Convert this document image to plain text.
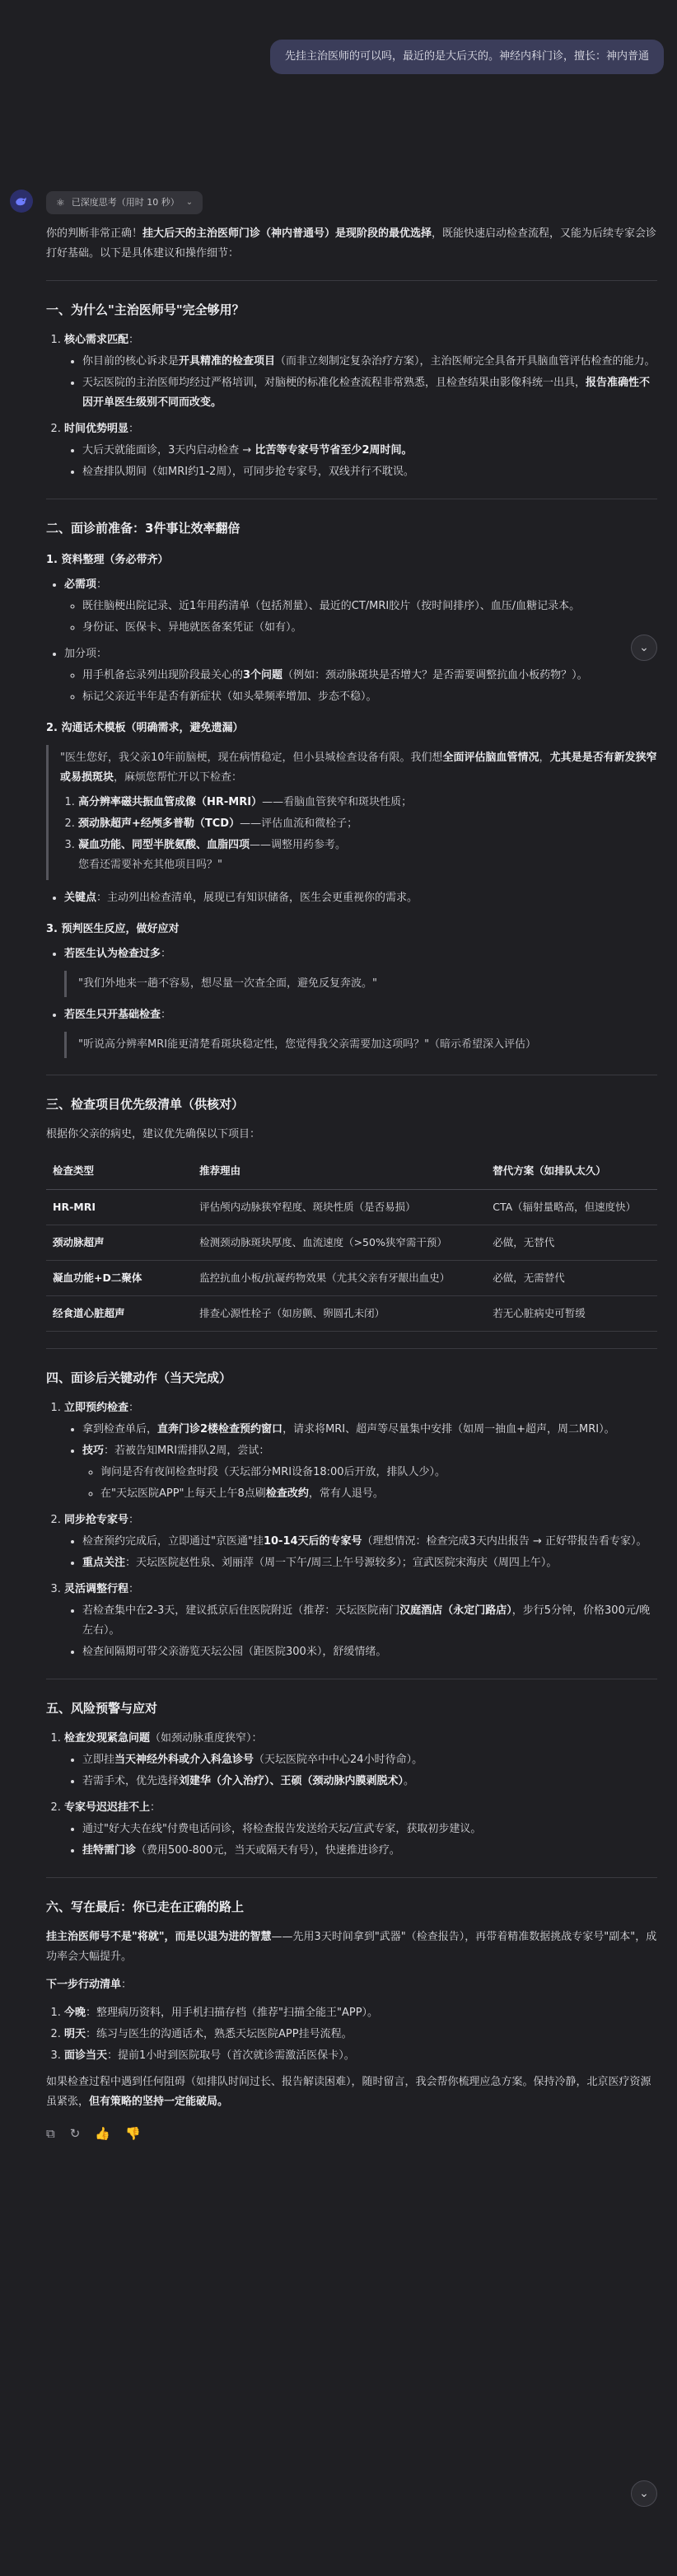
先挂主治医师的可以吗，最近的是大后天的。神经内科门诊，擅长：神内普通
⚛ 已深度思考（用时 10 秒） ⌄

你的判断非常正确！挂大后天的主治医师门诊（神内普通号）是现阶段的最优选择，既能快速启动检查流程，又能为后续专家会诊打好基础。以下是具体建议和操作细节：

一、为什么"主治医师号"完全够用？
1. 核心需求匹配：
• 你目前的核心诉求是开具精准的检查项目（而非立刻制定复杂治疗方案），主治医师完全具备开具脑血管评估检查的能力。
• 天坛医院的主治医师均经过严格培训，对脑梗的标准化检查流程非常熟悉，且检查结果由影像科统一出具，报告准确性不因开单医生级别不同而改变。
2. 时间优势明显：
• 大后天就能面诊，3天内启动检查 → 比苦等专家号节省至少2周时间。
• 检查排队期间（如MRI约1-2周），可同步抢专家号，双线并行不耽误。
二、面诊前准备：3件事让效率翻倍
1. 资料整理（务必带齐）
• 必需项：
◦ 既往脑梗出院记录、近1年用药清单（包括剂量）、最近的CT/MRI胶片（按时间排序）、血压/血糖记录本。
◦ 身份证、医保卡、异地就医备案凭证（如有）。
• 加分项：
◦ 用手机备忘录列出现阶段最关心的3个问题（例如：颈动脉斑块是否增大？是否需要调整抗血小板药物？）。
◦ 标记父亲近半年是否有新症状（如头晕频率增加、步态不稳）。
2. 沟通话术模板（明确需求，避免遗漏）
"医生您好，我父亲10年前脑梗，现在病情稳定，但小县城检查设备有限。我们想全面评估脑血管情况，尤其是是否有新发狭窄或易损斑块，麻烦您帮忙开以下检查：
1. 高分辨率磁共振血管成像（HR-MRI）——看脑血管狭窄和斑块性质；
2. 颈动脉超声+经颅多普勒（TCD）——评估血流和微栓子；
3. 凝血功能、同型半胱氨酸、血脂四项——调整用药参考。
您看还需要补充其他项目吗？"
• 关键点：主动列出检查清单，展现已有知识储备，医生会更重视你的需求。
3. 预判医生反应，做好应对
• 若医生认为检查过多：
"我们外地来一趟不容易，想尽量一次查全面，避免反复奔波。"
• 若医生只开基础检查：
"听说高分辨率MRI能更清楚看斑块稳定性，您觉得我父亲需要加这项吗？"（暗示希望深入评估）
三、检查项目优先级清单（供核对）

根据你父亲的病史，建议优先确保以下项目：

检查类型	推荐理由	替代方案（如排队太久）
HR-MRI	评估颅内动脉狭窄程度、斑块性质（是否易损）	CTA（辐射量略高，但速度快）
颈动脉超声	检测颈动脉斑块厚度、血流速度（>50%狭窄需干预）	必做，无替代
凝血功能+D二聚体	监控抗血小板/抗凝药物效果（尤其父亲有牙龈出血史）	必做，无需替代
经食道心脏超声	排查心源性栓子（如房颤、卵圆孔未闭）	若无心脏病史可暂缓
四、面诊后关键动作（当天完成）
1. 立即预约检查：
• 拿到检查单后，直奔门诊2楼检查预约窗口，请求将MRI、超声等尽量集中安排（如周一抽血+超声，周二MRI）。
• 技巧：若被告知MRI需排队2周，尝试：
◦ 询问是否有夜间检查时段（天坛部分MRI设备18:00后开放，排队人少）。
◦ 在"天坛医院APP"上每天上午8点刷检查改约，常有人退号。
2. 同步抢专家号：
• 检查预约完成后，立即通过"京医通"挂10-14天后的专家号（理想情况：检查完成3天内出报告 → 正好带报告看专家）。
• 重点关注：天坛医院赵性泉、刘丽萍（周一下午/周三上午号源较多）；宣武医院宋海庆（周四上午）。
3. 灵活调整行程：
• 若检查集中在2-3天，建议抵京后住医院附近（推荐：天坛医院南门汉庭酒店（永定门路店），步行5分钟，价格300元/晚左右）。
• 检查间隔期可带父亲游览天坛公园（距医院300米），舒缓情绪。
五、风险预警与应对
1. 检查发现紧急问题（如颈动脉重度狭窄）：
• 立即挂当天神经外科或介入科急诊号（天坛医院卒中中心24小时待命）。
• 若需手术，优先选择刘建华（介入治疗）、王硕（颈动脉内膜剥脱术）。
2. 专家号迟迟挂不上：
• 通过"好大夫在线"付费电话问诊，将检查报告发送给天坛/宣武专家，获取初步建议。
• 挂特需门诊（费用500-800元，当天或隔天有号），快速推进诊疗。
六、写在最后：你已走在正确的路上

挂主治医师号不是"将就"，而是以退为进的智慧——先用3天时间拿到"武器"（检查报告），再带着精准数据挑战专家号"副本"，成功率会大幅提升。

下一步行动清单：

1. 今晚：整理病历资料，用手机扫描存档（推荐"扫描全能王"APP）。
2. 明天：练习与医生的沟通话术，熟悉天坛医院APP挂号流程。
3. 面诊当天：提前1小时到医院取号（首次就诊需激活医保卡）。

如果检查过程中遇到任何阻碍（如排队时间过长、报告解读困难），随时留言，我会帮你梳理应急方案。保持冷静，北京医疗资源虽紧张，但有策略的坚持一定能破局。

⧉ ↻ 👍 👎
⌄
⌄
